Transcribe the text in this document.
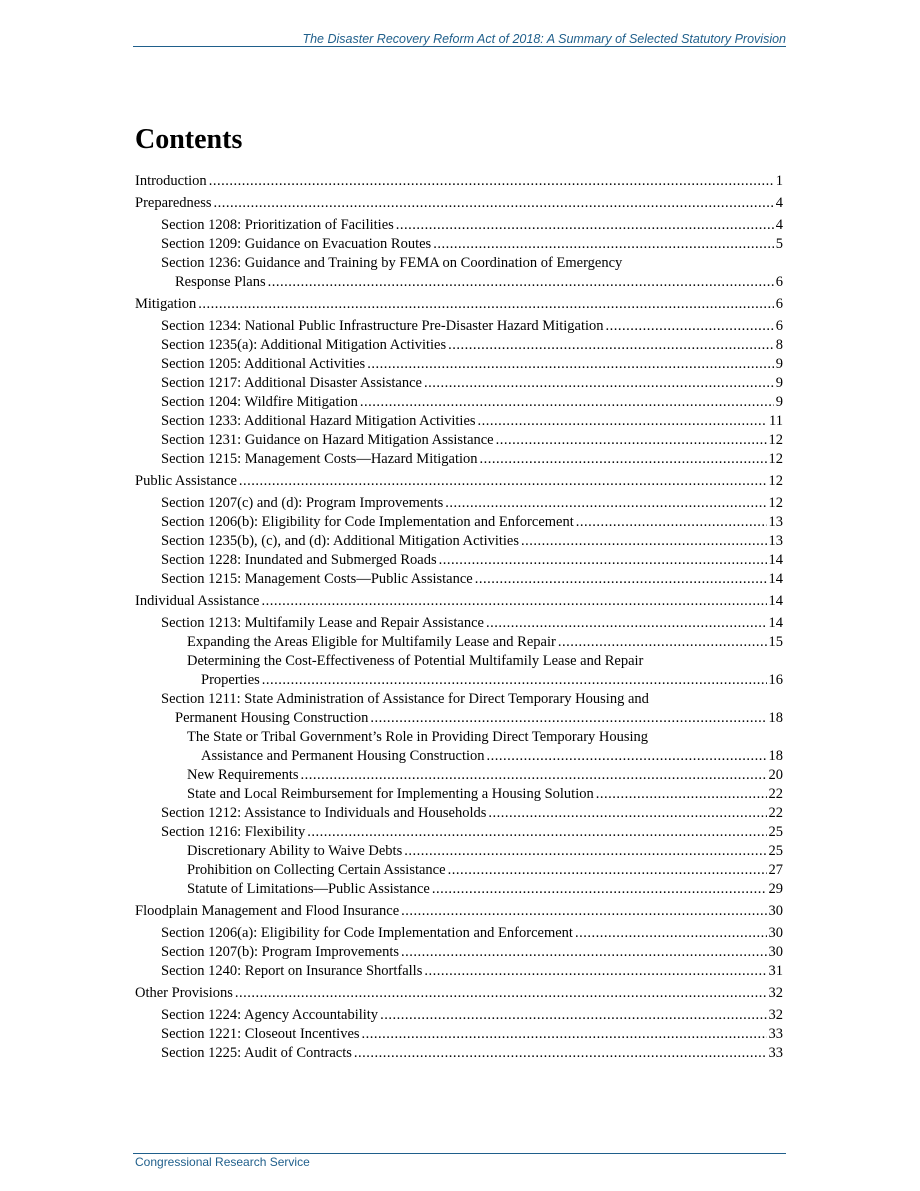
The Disaster Recovery Reform Act of 2018: A Summary of Selected Statutory Provision
Contents
Introduction .....	1
Preparedness .....	4
Section 1208: Prioritization of Facilities .....	4
Section 1209: Guidance on Evacuation Routes .....	5
Section 1236: Guidance and Training by FEMA on Coordination of Emergency
Response Plans .....	6
Mitigation .....	6
Section 1234: National Public Infrastructure Pre-Disaster Hazard Mitigation .....	6
Section 1235(a): Additional Mitigation Activities .....	8
Section 1205: Additional Activities .....	9
Section 1217: Additional Disaster Assistance .....	9
Section 1204: Wildfire Mitigation .....	9
Section 1233: Additional Hazard Mitigation Activities .....	11
Section 1231: Guidance on Hazard Mitigation Assistance .....	12
Section 1215: Management Costs—Hazard Mitigation .....	12
Public Assistance .....	12
Section 1207(c) and (d): Program Improvements .....	12
Section 1206(b): Eligibility for Code Implementation and Enforcement .....	13
Section 1235(b), (c), and (d): Additional Mitigation Activities .....	13
Section 1228: Inundated and Submerged Roads .....	14
Section 1215: Management Costs—Public Assistance .....	14
Individual Assistance .....	14
Section 1213: Multifamily Lease and Repair Assistance .....	14
Expanding the Areas Eligible for Multifamily Lease and Repair .....	15
Determining the Cost-Effectiveness of Potential Multifamily Lease and Repair
Properties .....	16
Section 1211: State Administration of Assistance for Direct Temporary Housing and
Permanent Housing Construction .....	18
The State or Tribal Government’s Role in Providing Direct Temporary Housing
Assistance and Permanent Housing Construction .....	18
New Requirements .....	20
State and Local Reimbursement for Implementing a Housing Solution .....	22
Section 1212: Assistance to Individuals and Households .....	22
Section 1216: Flexibility .....	25
Discretionary Ability to Waive Debts .....	25
Prohibition on Collecting Certain Assistance .....	27
Statute of Limitations—Public Assistance .....	29
Floodplain Management and Flood Insurance .....	30
Section 1206(a): Eligibility for Code Implementation and Enforcement .....	30
Section 1207(b): Program Improvements .....	30
Section 1240: Report on Insurance Shortfalls .....	31
Other Provisions .....	32
Section 1224: Agency Accountability .....	32
Section 1221: Closeout Incentives .....	33
Section 1225: Audit of Contracts .....	33
Congressional Research Service
